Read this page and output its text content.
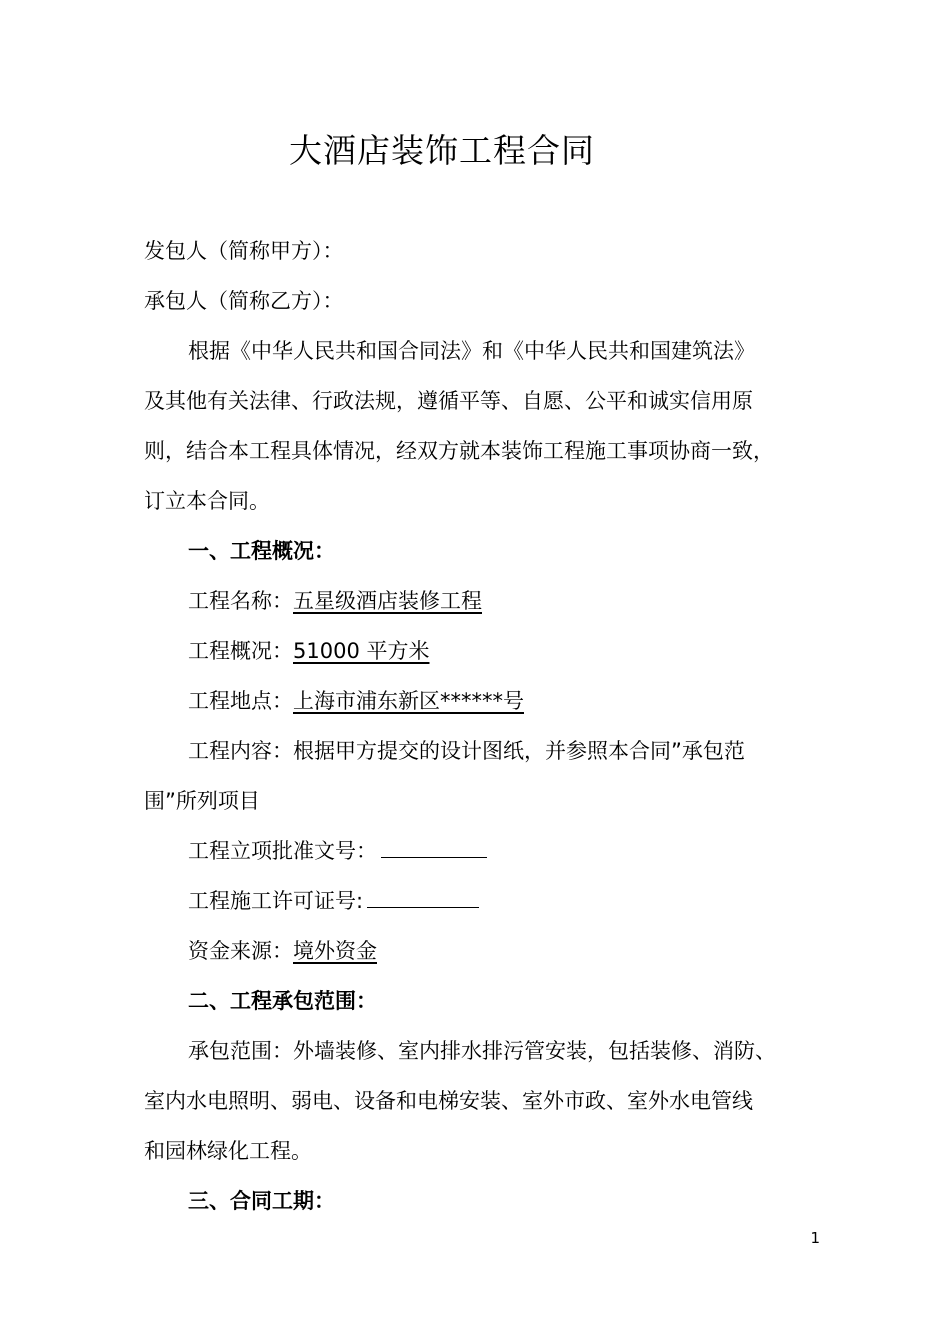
大酒店装饰工程合同
发包人（简称甲方）：
承包人（简称乙方）：
根据《中华人民共和国合同法》和《中华人民共和国建筑法》
及其他有关法律、行政法规，遵循平等、自愿、公平和诚实信用原
则，结合本工程具体情况，经双方就本装饰工程施工事项协商一致，
订立本合同。
一、工程概况：
工程名称：五星级酒店装修工程
工程概况：51000 平方米
工程地点：上海市浦东新区******号
工程内容：根据甲方提交的设计图纸，并参照本合同”承包范
围”所列项目
工程立项批准文号：
工程施工许可证号:
资金来源：境外资金
二、工程承包范围：
承包范围：外墙装修、室内排水排污管安装，包括装修、消防、
室内水电照明、弱电、设备和电梯安装、室外市政、室外水电管线
和园林绿化工程。
三、合同工期：
1
